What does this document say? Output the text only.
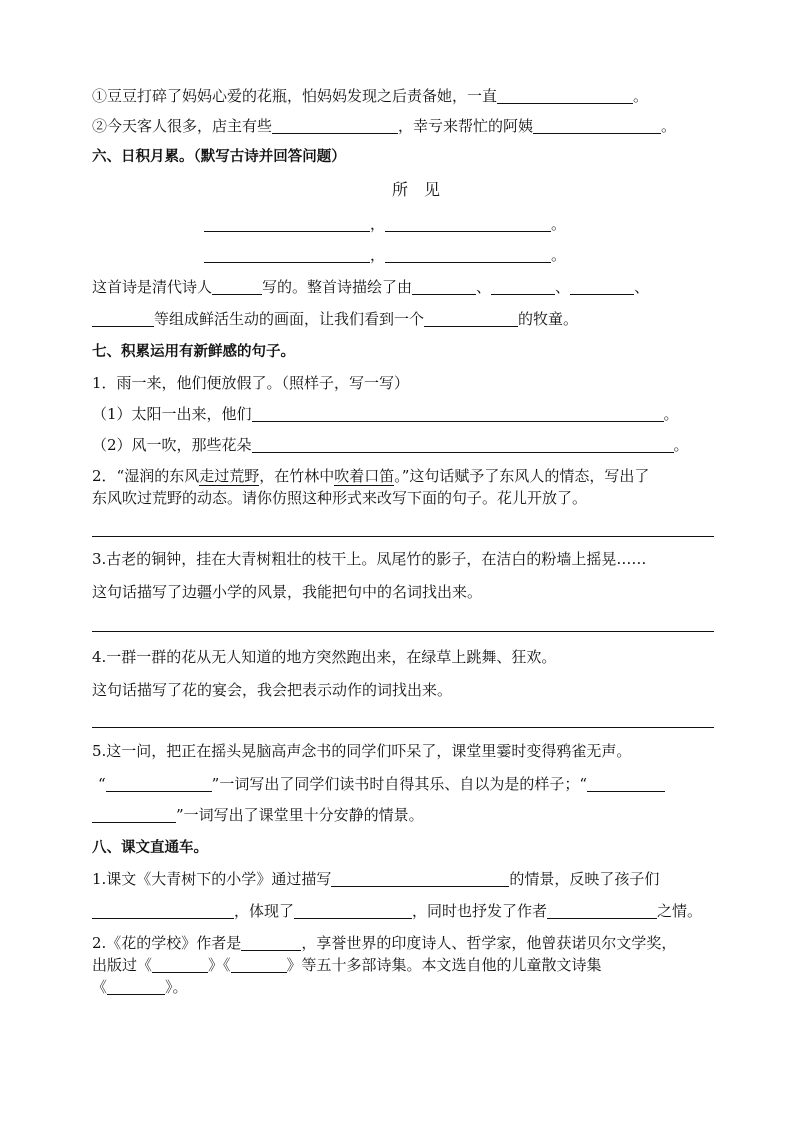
①豆豆打碎了妈妈心爱的花瓶，怕妈妈发现之后责备她，一直	。
②今天客人很多，店主有些	，幸亏来帮忙的阿姨	。
六、日积月累。（默写古诗并回答问题）
所　见
，	。
，	。
这首诗是清代诗人	写的。整首诗描绘了由	、	、	、
等组成鲜活生动的画面，让我们看到一个	的牧童。
七、积累运用有新鲜感的句子。
1．雨一来，他们便放假了。（照样子，写一写）
（1）太阳一出来，他们	。
（2）风一吹，那些花朵	。
2．“湿润的东风走过荒野，在竹林中吹着口笛。”这句话赋予了东风人的情态，写出了
东风吹过荒野的动态。请你仿照这种形式来改写下面的句子。花儿开放了。
3.古老的铜钟，挂在大青树粗壮的枝干上。凤尾竹的影子，在洁白的粉墙上摇晃……
这句话描写了边疆小学的风景，我能把句中的名词找出来。
4.一群一群的花从无人知道的地方突然跑出来，在绿草上跳舞、狂欢。
这句话描写了花的宴会，我会把表示动作的词找出来。
5.这一问，把正在摇头晃脑高声念书的同学们吓呆了，课堂里霎时变得鸦雀无声。
“	”一词写出了同学们读书时自得其乐、自以为是的样子；“
”一词写出了课堂里十分安静的情景。
八、课文直通车。
1.课文《大青树下的小学》通过描写	的情景，反映了孩子们
，体现了	，同时也抒发了作者	之情。
2.《花的学校》作者是	，享誉世界的印度诗人、哲学家，他曾获诺贝尔文学奖，
出版过《	》《	》等五十多部诗集。本文选自他的儿童散文诗集
《	》。
